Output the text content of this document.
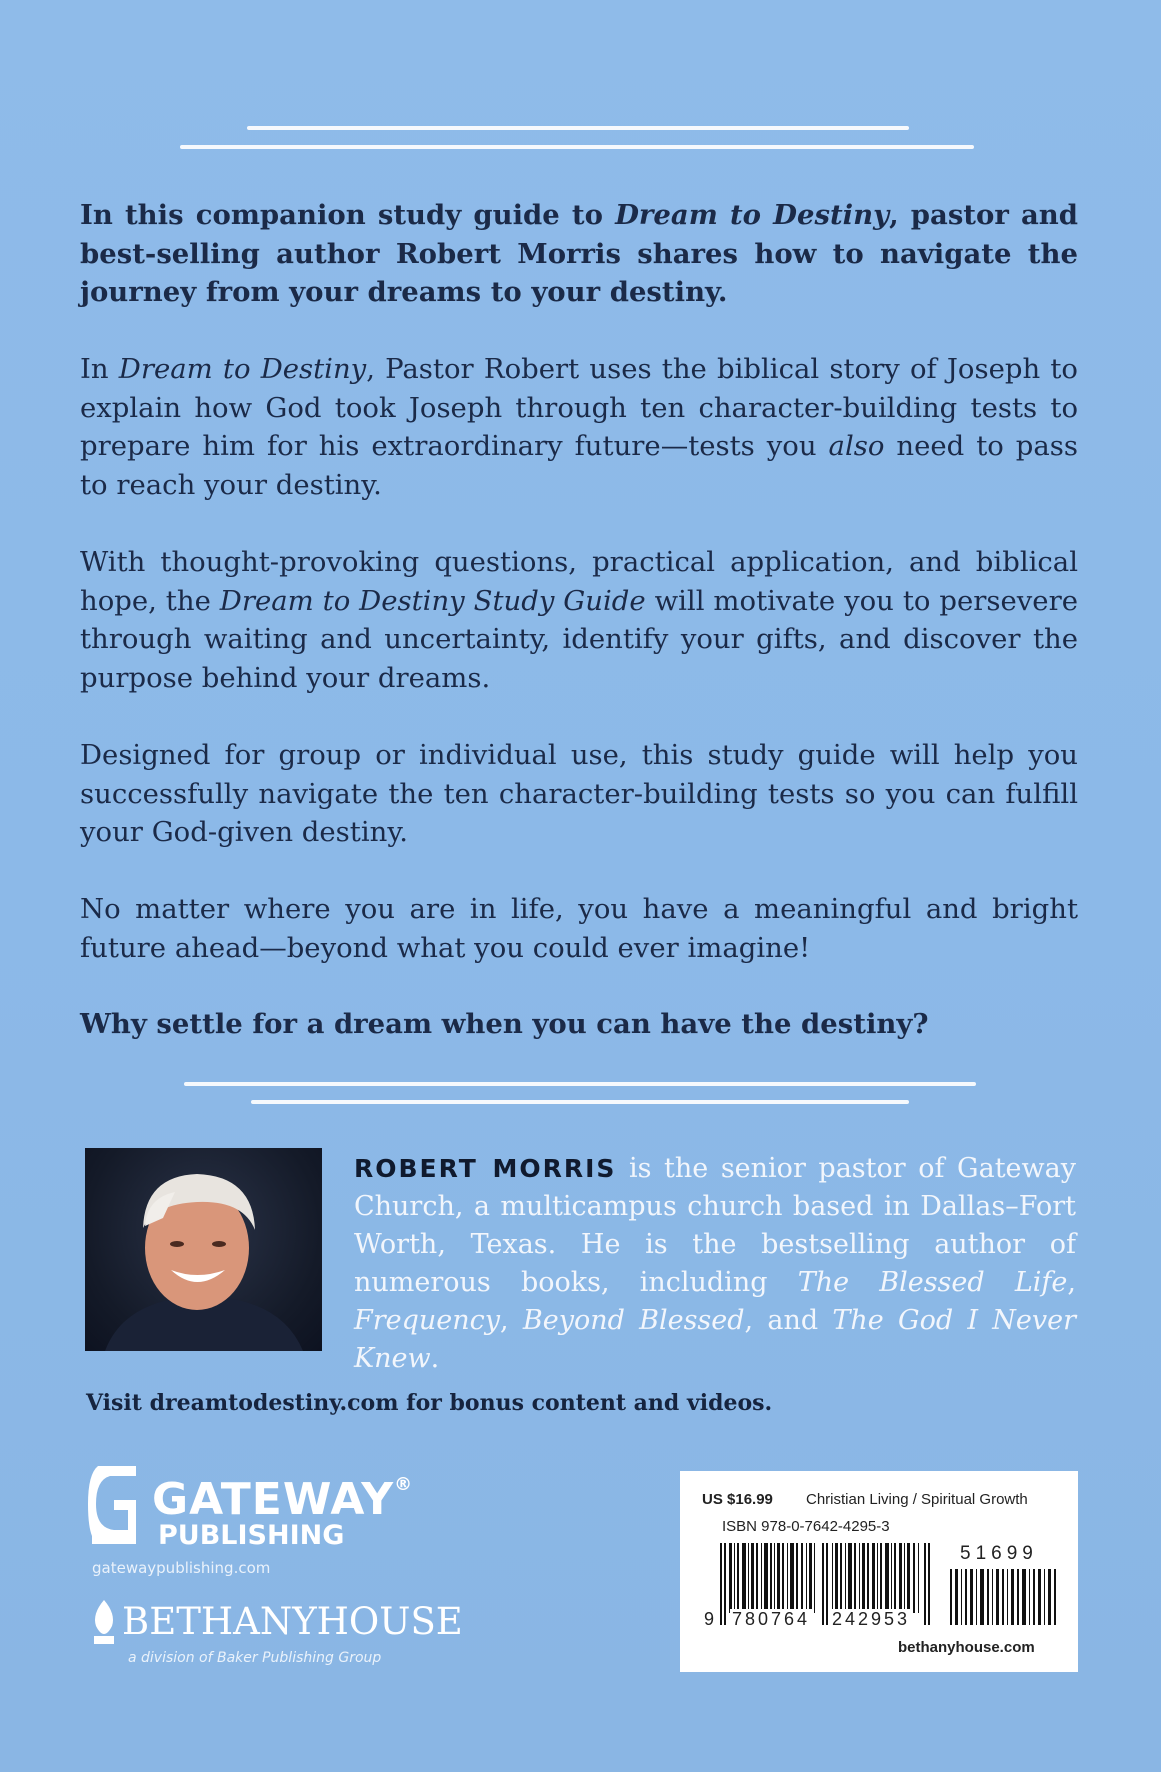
In this companion study guide to Dream to Destiny, pastor and best-selling author Robert Morris shares how to navigate the journey from your dreams to your destiny.

In Dream to Destiny, Pastor Robert uses the biblical story of Joseph to explain how God took Joseph through ten character-building tests to prepare him for his extraordinary future—tests you also need to pass to reach your destiny.

With thought-provoking questions, practical application, and biblical hope, the Dream to Destiny Study Guide will motivate you to persevere through waiting and uncertainty, identify your gifts, and discover the purpose behind your dreams.

Designed for group or individual use, this study guide will help you successfully navigate the ten character-building tests so you can fulfill your God-given destiny.

No matter where you are in life, you have a meaningful and bright future ahead—beyond what you could ever imagine!

Why settle for a dream when you can have the destiny?

ROBERT MORRIS is the senior pastor of Gateway Church, a multicampus church based in Dallas–Fort Worth, Texas. He is the bestselling author of numerous books, including The Blessed Life, Frequency, Beyond Blessed, and The God I Never Knew.

Visit dreamtodestiny.com for bonus content and videos.
GATEWAY®
PUBLISHING
gatewaypublishing.com
BETHANYHOUSE
a division of Baker Publishing Group
US $16.99 Christian Living / Spiritual Growth
ISBN 978-0-7642-4295-3
51699
9 780764 242953
bethanyhouse.com
